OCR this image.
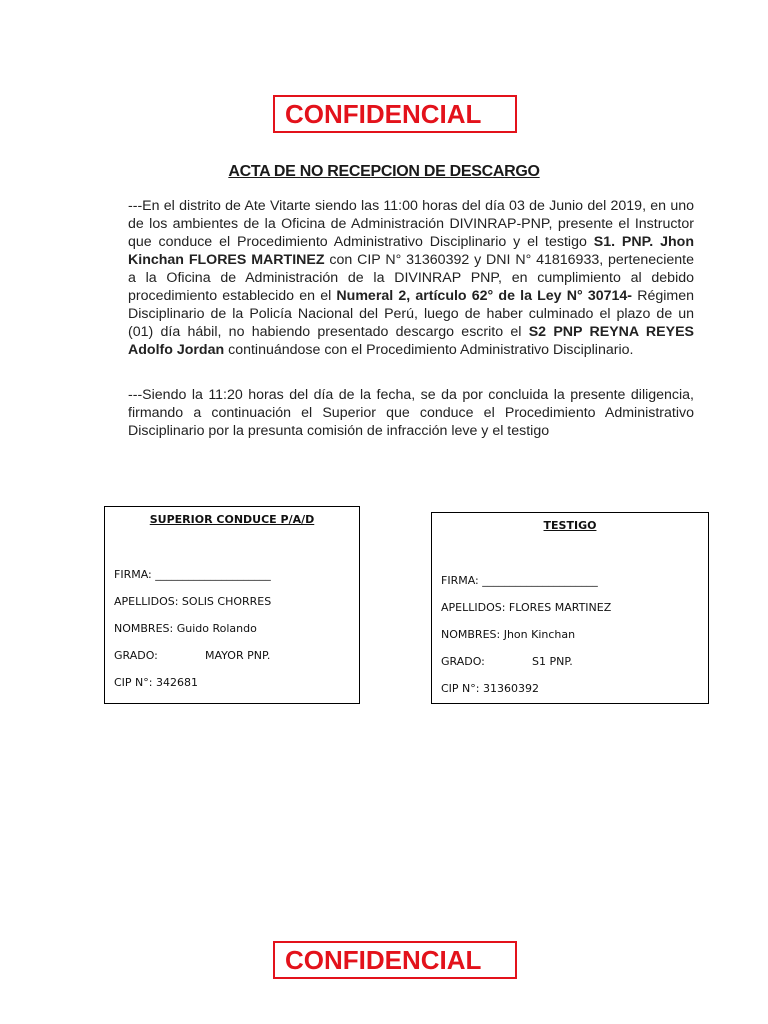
CONFIDENCIAL
ACTA DE NO RECEPCION DE DESCARGO

---En el distrito de Ate Vitarte siendo las 11:00 horas del día 03 de Junio del 2019, en uno de los ambientes de la Oficina de Administración DIVINRAP-PNP, presente el Instructor que conduce el Procedimiento Administrativo Disciplinario y el testigo S1. PNP. Jhon Kinchan FLORES MARTINEZ con CIP N° 31360392 y DNI N° 41816933, perteneciente a la Oficina de Administración de la DIVINRAP PNP, en cumplimiento al debido procedimiento establecido en el Numeral 2, artículo 62° de la Ley N° 30714- Régimen Disciplinario de la Policía Nacional del Perú, luego de haber culminado el plazo de un (01) día hábil, no habiendo presentado descargo escrito el S2 PNP REYNA REYES Adolfo Jordan continuándose con el Procedimiento Administrativo Disciplinario.

---Siendo la 11:20 horas del día de la fecha, se da por concluida la presente diligencia, firmando a continuación el Superior que conduce el Procedimiento Administrativo Disciplinario por la presunta comisión de infracción leve y el testigo

SUPERIOR CONDUCE P/A/D
FIRMA: _____________________
APELLIDOS: SOLIS CHORRES
NOMBRES: Guido Rolando
GRADO:	MAYOR PNP.
CIP N°: 342681
TESTIGO
FIRMA: _____________________
APELLIDOS: FLORES MARTINEZ
NOMBRES: Jhon Kinchan
GRADO:	S1 PNP.
CIP N°: 31360392
CONFIDENCIAL
